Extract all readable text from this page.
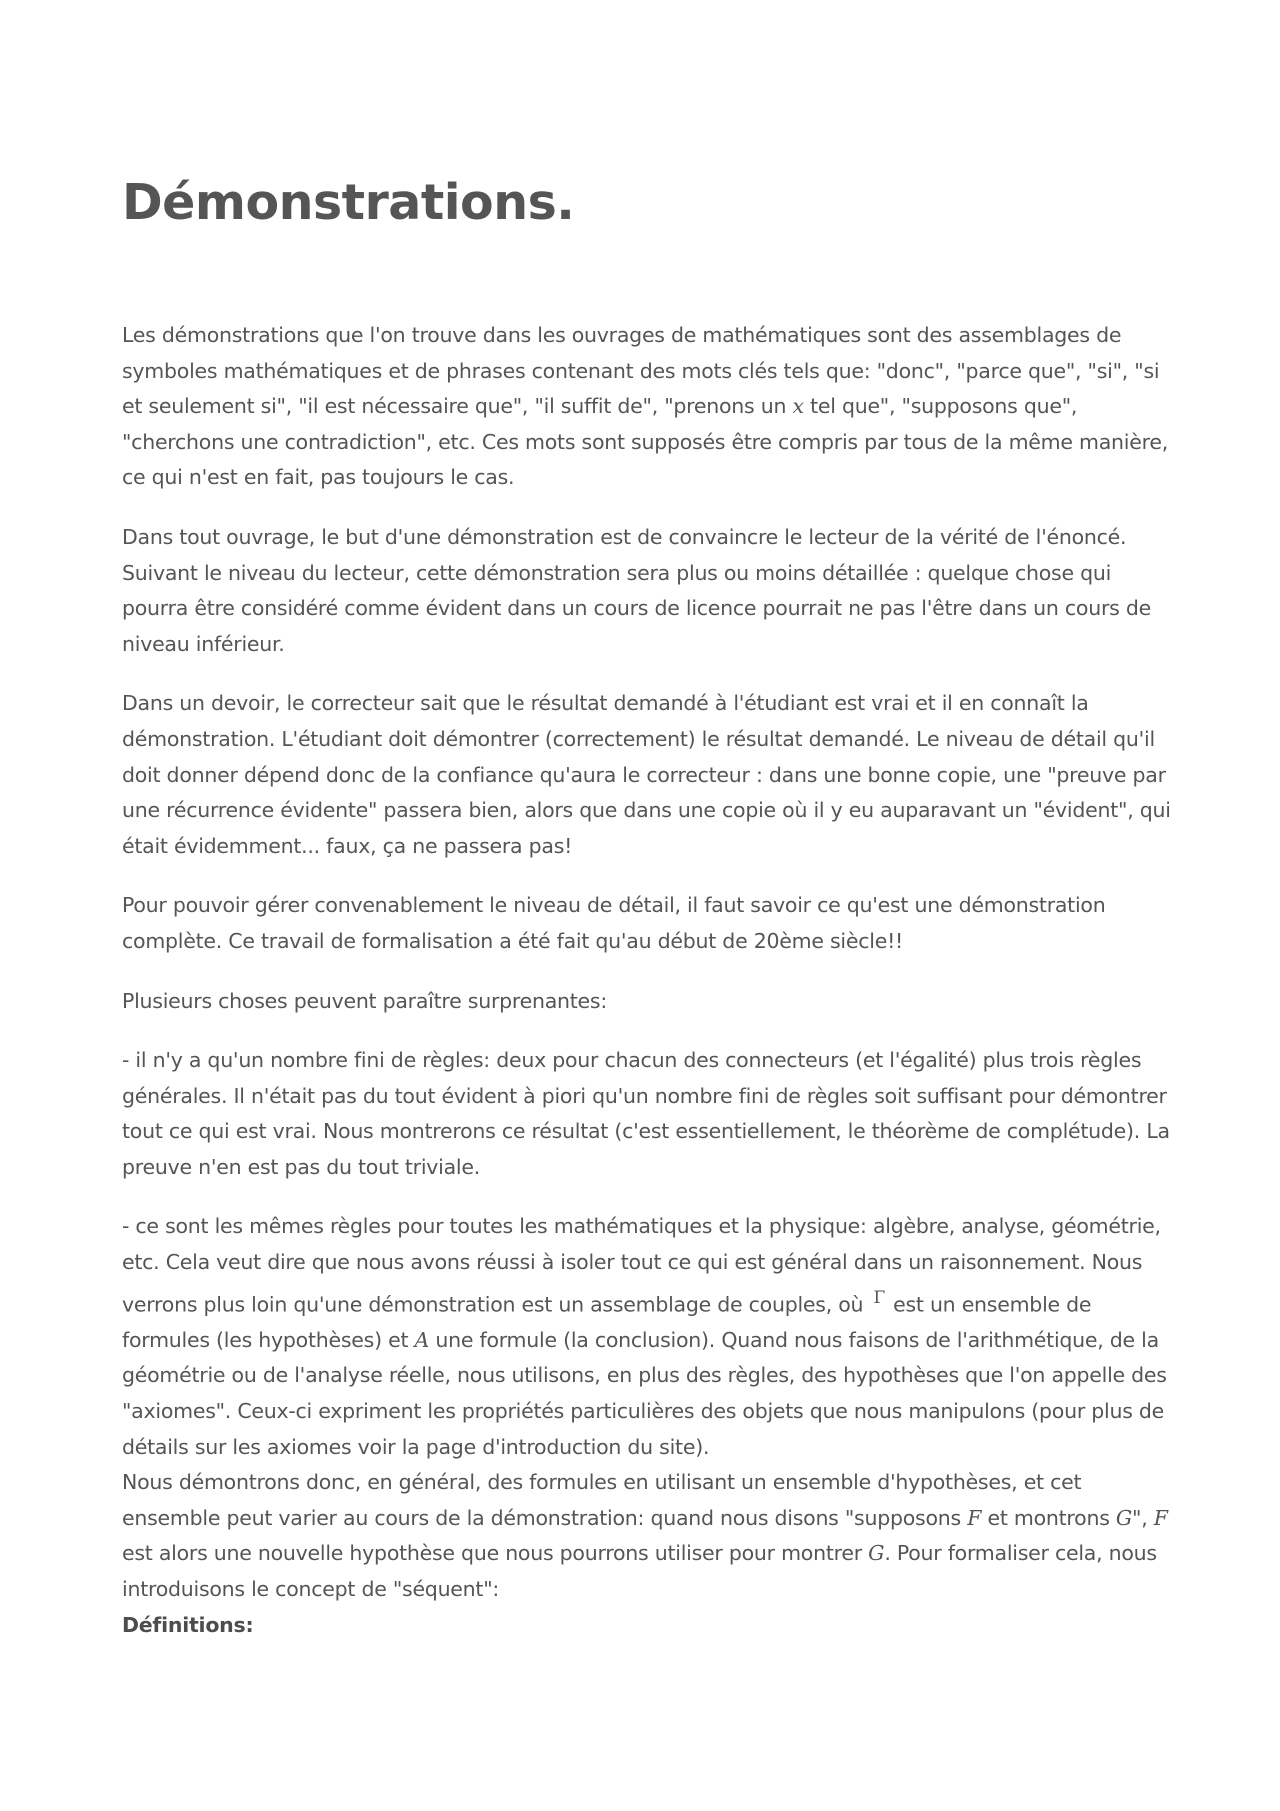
Démonstrations.

Les démonstrations que l'on trouve dans les ouvrages de mathématiques sont des assemblages de symboles mathématiques et de phrases contenant des mots clés tels que: "donc", "parce que", "si", "si et seulement si", "il est nécessaire que", "il suffit de", "prenons un x tel que", "supposons que", "cherchons une contradiction", etc. Ces mots sont supposés être compris par tous de la même manière, ce qui n'est en fait, pas toujours le cas.

Dans tout ouvrage, le but d'une démonstration est de convaincre le lecteur de la vérité de l'énoncé. Suivant le niveau du lecteur, cette démonstration sera plus ou moins détaillée : quelque chose qui pourra être considéré comme évident dans un cours de licence pourrait ne pas l'être dans un cours de niveau inférieur.

Dans un devoir, le correcteur sait que le résultat demandé à l'étudiant est vrai et il en connaît la démonstration. L'étudiant doit démontrer (correctement) le résultat demandé. Le niveau de détail qu'il doit donner dépend donc de la confiance qu'aura le correcteur : dans une bonne copie, une "preuve par une récurrence évidente" passera bien, alors que dans une copie où il y eu auparavant un "évident", qui était évidemment... faux, ça ne passera pas!

Pour pouvoir gérer convenablement le niveau de détail, il faut savoir ce qu'est une démonstration complète. Ce travail de formalisation a été fait qu'au début de 20ème siècle!!

Plusieurs choses peuvent paraître surprenantes:

- il n'y a qu'un nombre fini de règles: deux pour chacun des connecteurs (et l'égalité) plus trois règles générales. Il n'était pas du tout évident à piori qu'un nombre fini de règles soit suffisant pour démontrer tout ce qui est vrai. Nous montrerons ce résultat (c'est essentiellement, le théorème de complétude). La preuve n'en est pas du tout triviale.

- ce sont les mêmes règles pour toutes les mathématiques et la physique: algèbre, analyse, géométrie, etc. Cela veut dire que nous avons réussi à isoler tout ce qui est général dans un raisonnement. Nous verrons plus loin qu'une démonstration est un assemblage de couples, où Γ est un ensemble de formules (les hypothèses) et A une formule (la conclusion). Quand nous faisons de l'arithmétique, de la géométrie ou de l'analyse réelle, nous utilisons, en plus des règles, des hypothèses que l'on appelle des "axiomes". Ceux-ci expriment les propriétés particulières des objets que nous manipulons (pour plus de détails sur les axiomes voir la page d'introduction du site).

Nous démontrons donc, en général, des formules en utilisant un ensemble d'hypothèses, et cet ensemble peut varier au cours de la démonstration: quand nous disons "supposons F et montrons G", F est alors une nouvelle hypothèse que nous pourrons utiliser pour montrer G. Pour formaliser cela, nous introduisons le concept de "séquent":

Définitions:
